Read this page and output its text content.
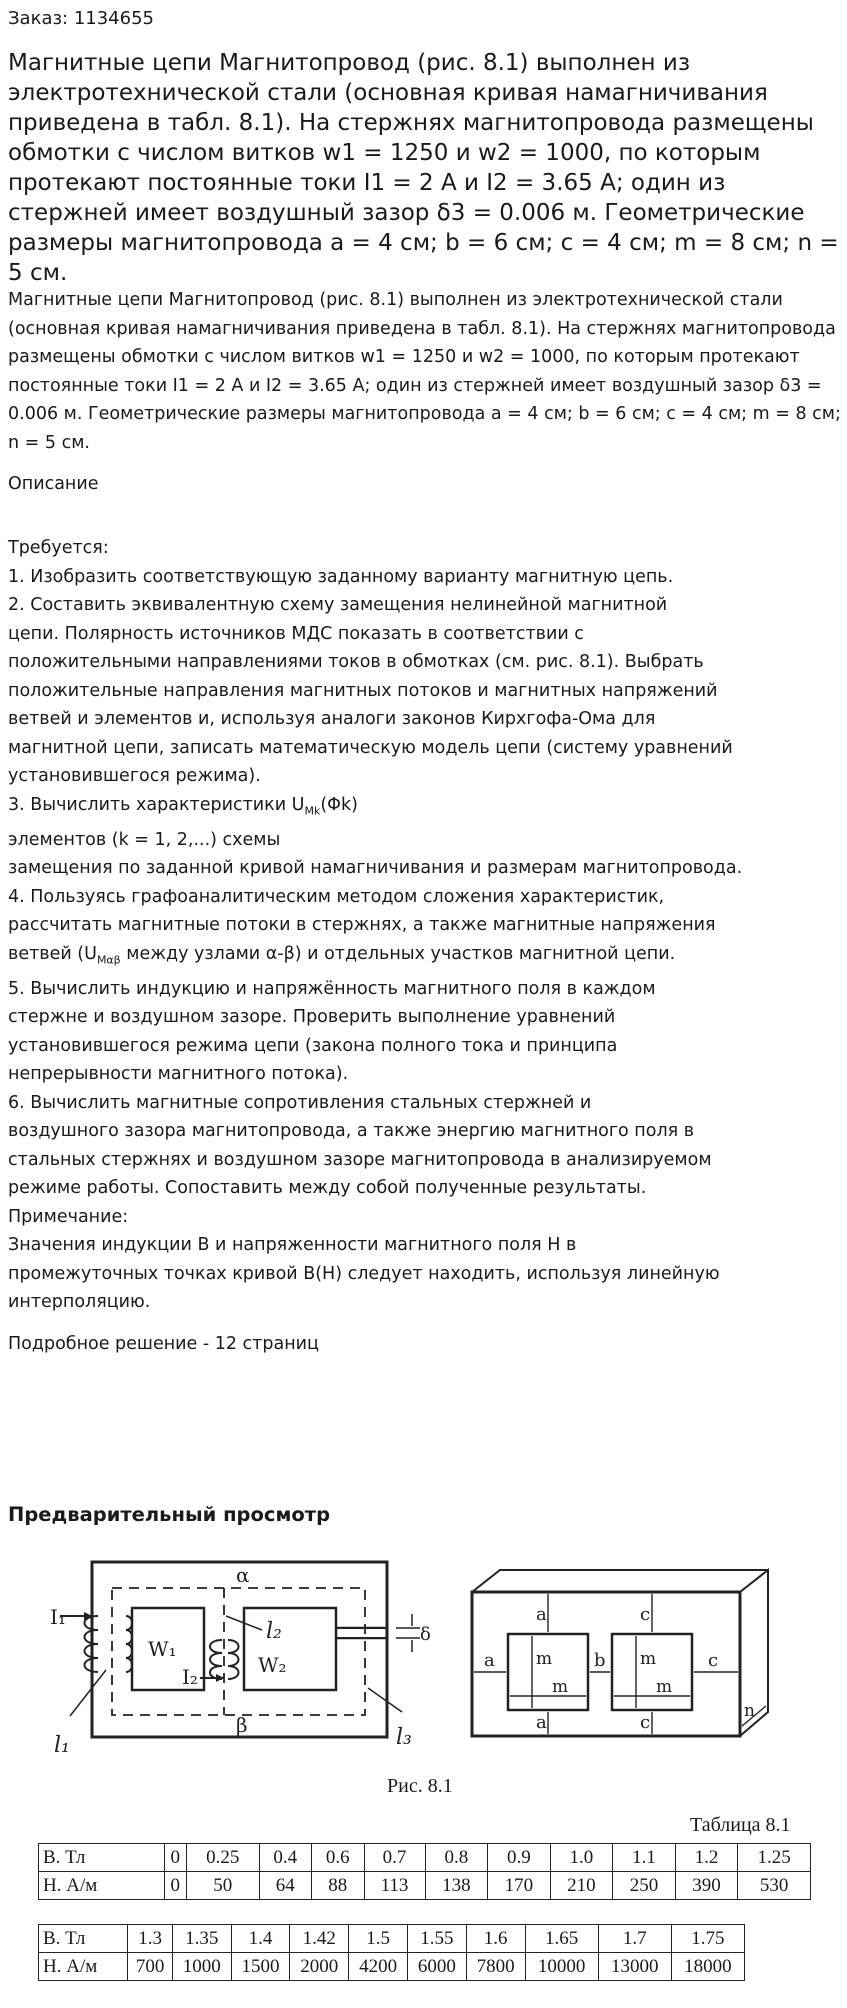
Заказ: 1134655
Магнитные цепи Магнитопровод (рис. 8.1) выполнен из электротехнической стали (основная кривая намагничивания приведена в табл. 8.1). На стержнях магнитопровода размещены обмотки с числом витков w1 = 1250 и w2 = 1000, по которым протекают постоянные токи I1 = 2 А и I2 = 3.65 А; один из стержней имеет воздушный зазор δ3 = 0.006 м. Геометрические размеры магнитопровода a = 4 см; b = 6 см; c = 4 см; m = 8 см; n = 5 см.
Магнитные цепи Магнитопровод (рис. 8.1) выполнен из электротехнической стали (основная кривая намагничивания приведена в табл. 8.1). На стержнях магнитопровода размещены обмотки с числом витков w1 = 1250 и w2 = 1000, по которым протекают постоянные токи I1 = 2 А и I2 = 3.65 А; один из стержней имеет воздушный зазор δ3 = 0.006 м. Геометрические размеры магнитопровода a = 4 см; b = 6 см; c = 4 см; m = 8 см; n = 5 см.
Описание
Требуется:
1. Изобразить соответствующую заданному варианту магнитную цепь.
2. Составить эквивалентную схему замещения нелинейной магнитной
цепи. Полярность источников МДС показать в соответствии с
положительными направлениями токов в обмотках (см. рис. 8.1). Выбрать
положительные направления магнитных потоков и магнитных напряжений
ветвей и элементов и, используя аналоги законов Кирхгофа-Ома для
магнитной цепи, записать математическую модель цепи (систему уравнений
установившегося режима).
3. Вычислить характеристики $U_{Mk}(\Phi k)$
элементов (k = 1, 2,...) схемы
замещения по заданной кривой намагничивания и размерам магнитопровода.
4. Пользуясь графоаналитическим методом сложения характеристик,
рассчитать магнитные потоки в стержнях, а также магнитные напряжения
ветвей ($U_{M\alpha\beta}$ между узлами α-β) и отдельных участков магнитной цепи.
5. Вычислить индукцию и напряжённость магнитного поля в каждом
стержне и воздушном зазоре. Проверить выполнение уравнений
установившегося режима цепи (закона полного тока и принципа
непрерывности магнитного потока).
6. Вычислить магнитные сопротивления стальных стержней и
воздушного зазора магнитопровода, а также энергию магнитного поля в
стальных стержнях и воздушном зазоре магнитопровода в анализируемом
режиме работы. Сопоставить между собой полученные результаты.
Примечание:
Значения индукции B и напряженности магнитного поля H в
промежуточных точках кривой B(H) следует находить, используя линейную
интерполяцию.
Подробное решение - 12 страниц
Предварительный просмотр
α
β
I₁
W₁
I₂	W₂
l₁
l₂
l₃
δ
a
a
a	b
c
c
c
m
m
m
m
n
Рис. 8.1
Таблица 8.1
B. Тл	0	0.25	0.4	0.6	0.7	0.8	0.9	1.0	1.1	1.2	1.25
H. А/м	0	50	64	88	113	138	170	210	250	390	530
B. Тл	1.3	1.35	1.4	1.42	1.5	1.55	1.6	1.65	1.7	1.75
H. А/м	700	1000	1500	2000	4200	6000	7800	10000	13000	18000
